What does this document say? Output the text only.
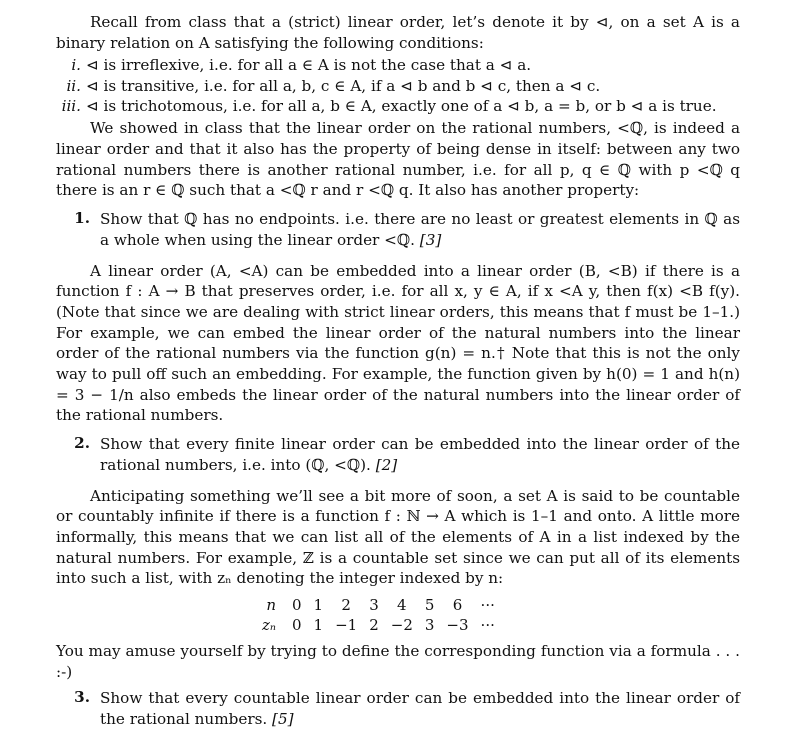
Recall from class that a (strict) linear order, let’s denote it by ⊲, on a set A is a binary relation on A satisfying the following conditions:

i. ⊲ is irreflexive, i.e. for all a ∈ A is not the case that a ⊲ a.
ii. ⊲ is transitive, i.e. for all a, b, c ∈ A, if a ⊲ b and b ⊲ c, then a ⊲ c.
iii. ⊲ is trichotomous, i.e. for all a, b ∈ A, exactly one of a ⊲ b, a = b, or b ⊲ a is true.

We showed in class that the linear order on the rational numbers, <ℚ, is indeed a linear order and that it also has the property of being dense in itself: between any two rational numbers there is another rational number, i.e. for all p, q ∈ ℚ with p <ℚ q there is an r ∈ ℚ such that a <ℚ r and r <ℚ q. It also has another property:

1. Show that ℚ has no endpoints. i.e. there are no least or greatest elements in ℚ as a whole when using the linear order <ℚ. [3]

A linear order (A, <A) can be embedded into a linear order (B, <B) if there is a function f : A → B that preserves order, i.e. for all x, y ∈ A, if x <A y, then f(x) <B f(y). (Note that since we are dealing with strict linear orders, this means that f must be 1–1.) For example, we can embed the linear order of the natural numbers into the linear order of the rational numbers via the function g(n) = n.† Note that this is not the only way to pull off such an embedding. For example, the function given by h(0) = 1 and h(n) = 3 − 1/n also embeds the linear order of the natural numbers into the linear order of the rational numbers.

2. Show that every finite linear order can be embedded into the linear order of the rational numbers, i.e. into (ℚ, <ℚ). [2]

Anticipating something we’ll see a bit more of soon, a set A is said to be countable or countably infinite if there is a function f : ℕ → A which is 1–1 and onto. A little more informally, this means that we can list all of the elements of A in a list indexed by the natural numbers. For example, ℤ is a countable set since we can put all of its elements into such a list, with zₙ denoting the integer indexed by n:

n	0	1	2	3	4	5	6	···
zₙ	0	1	−1	2	−2	3	−3	···

You may amuse yourself by trying to define the corresponding function via a formula . . . :-)

3. Show that every countable linear order can be embedded into the linear order of the rational numbers. [5]
